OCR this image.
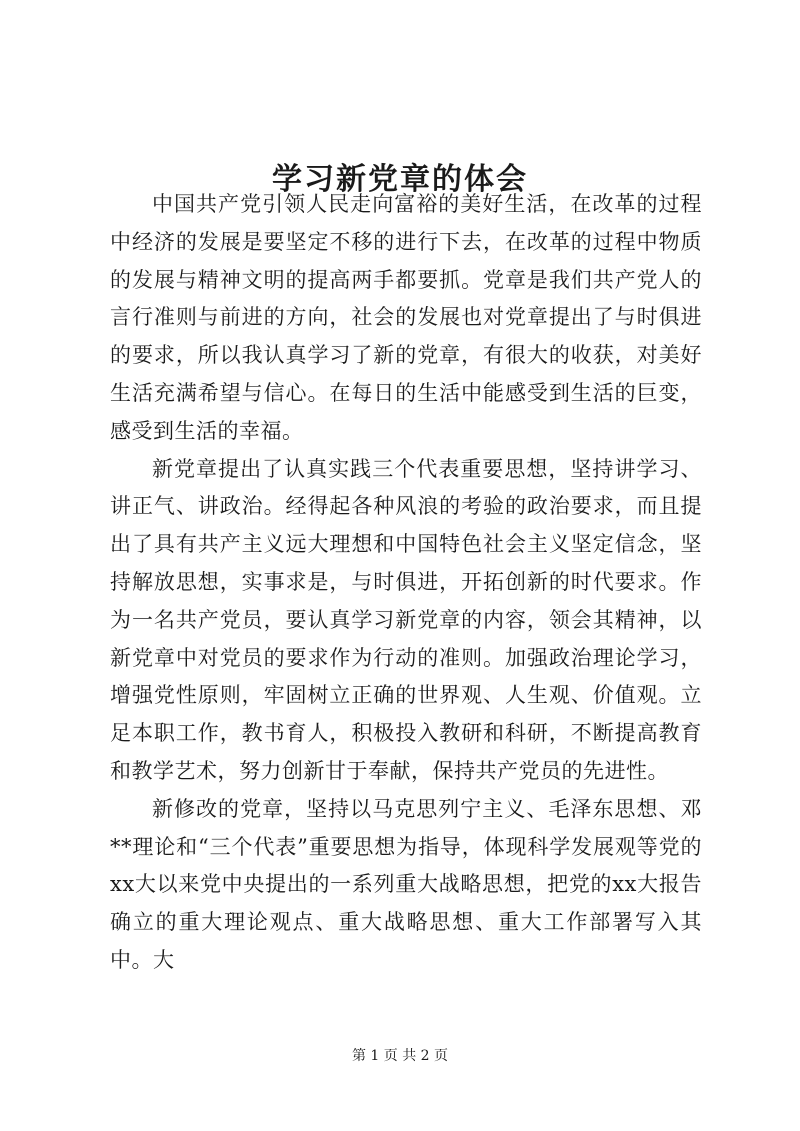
学习新党章的体会

中国共产党引领人民走向富裕的美好生活，在改革的过程中经济的发展是要坚定不移的进行下去，在改革的过程中物质的发展与精神文明的提高两手都要抓。党章是我们共产党人的言行准则与前进的方向，社会的发展也对党章提出了与时俱进的要求，所以我认真学习了新的党章，有很大的收获，对美好生活充满希望与信心。在每日的生活中能感受到生活的巨变，感受到生活的幸福。

新党章提出了认真实践三个代表重要思想，坚持讲学习、讲正气、讲政治。经得起各种风浪的考验的政治要求，而且提出了具有共产主义远大理想和中国特色社会主义坚定信念，坚持解放思想，实事求是，与时俱进，开拓创新的时代要求。作为一名共产党员，要认真学习新党章的内容，领会其精神，以新党章中对党员的要求作为行动的准则。加强政治理论学习，增强党性原则，牢固树立正确的世界观、人生观、价值观。立足本职工作，教书育人，积极投入教研和科研，不断提高教育和教学艺术，努力创新甘于奉献，保持共产党员的先进性。

新修改的党章，坚持以马克思列宁主义、毛泽东思想、邓**理论和“三个代表”重要思想为指导，体现科学发展观等党的xx大以来党中央提出的一系列重大战略思想，把党的xx大报告确立的重大理论观点、重大战略思想、重大工作部署写入其中。大

第 1 页 共 2 页
